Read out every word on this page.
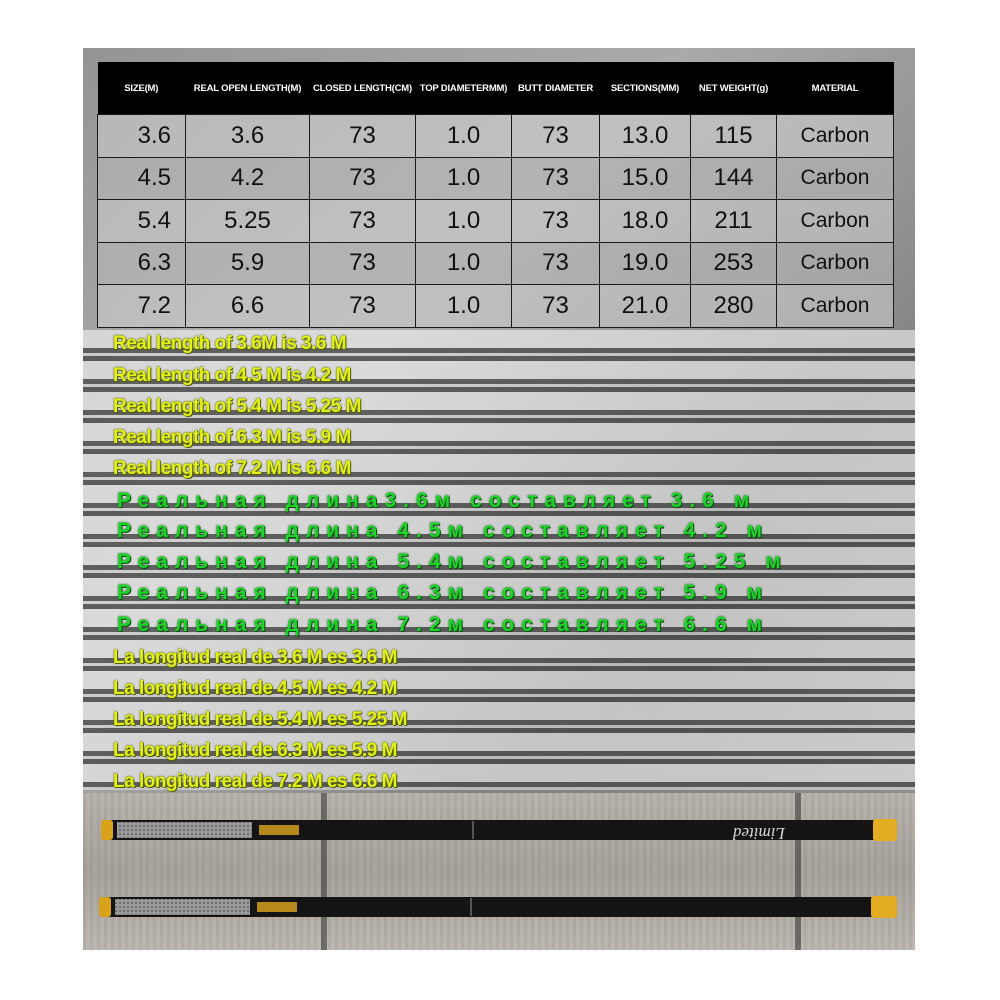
SIZE(M)	REAL OPEN LENGTH(M)	CLOSED LENGTH(CM)	TOP DIAMETERMM)	BUTT DIAMETER	SECTIONS(MM)	NET WEIGHT(g)	MATERIAL
3.6	3.6	73	1.0	73	13.0	115	Carbon
4.5	4.2	73	1.0	73	15.0	144	Carbon
5.4	5.25	73	1.0	73	18.0	211	Carbon
6.3	5.9	73	1.0	73	19.0	253	Carbon
7.2	6.6	73	1.0	73	21.0	280	Carbon

Real length of 3.6M is 3.6 M

Real length of 4.5 M is 4.2 M

Real length of 5.4 M is 5.25 M

Real length of 6.3 M is 5.9 M

Real length of 7.2 M is 6.6 M

Реальная длина3.6м составляет 3.6 м

Реальная длина 4.5м составляет 4.2 м

Реальная длина 5.4м составляет 5.25 м

Реальная длина 6.3м составляет 5.9 м

Реальная длина 7.2м составляет 6.6 м

La longitud real de 3.6 M es 3.6 M

La longitud real de 4.5 M es 4.2 M

La longitud real de 5.4 M es 5.25 M

La longitud real de 6.3 M es 5.9 M

La longitud real de 7.2 M es 6.6 M

Limited
